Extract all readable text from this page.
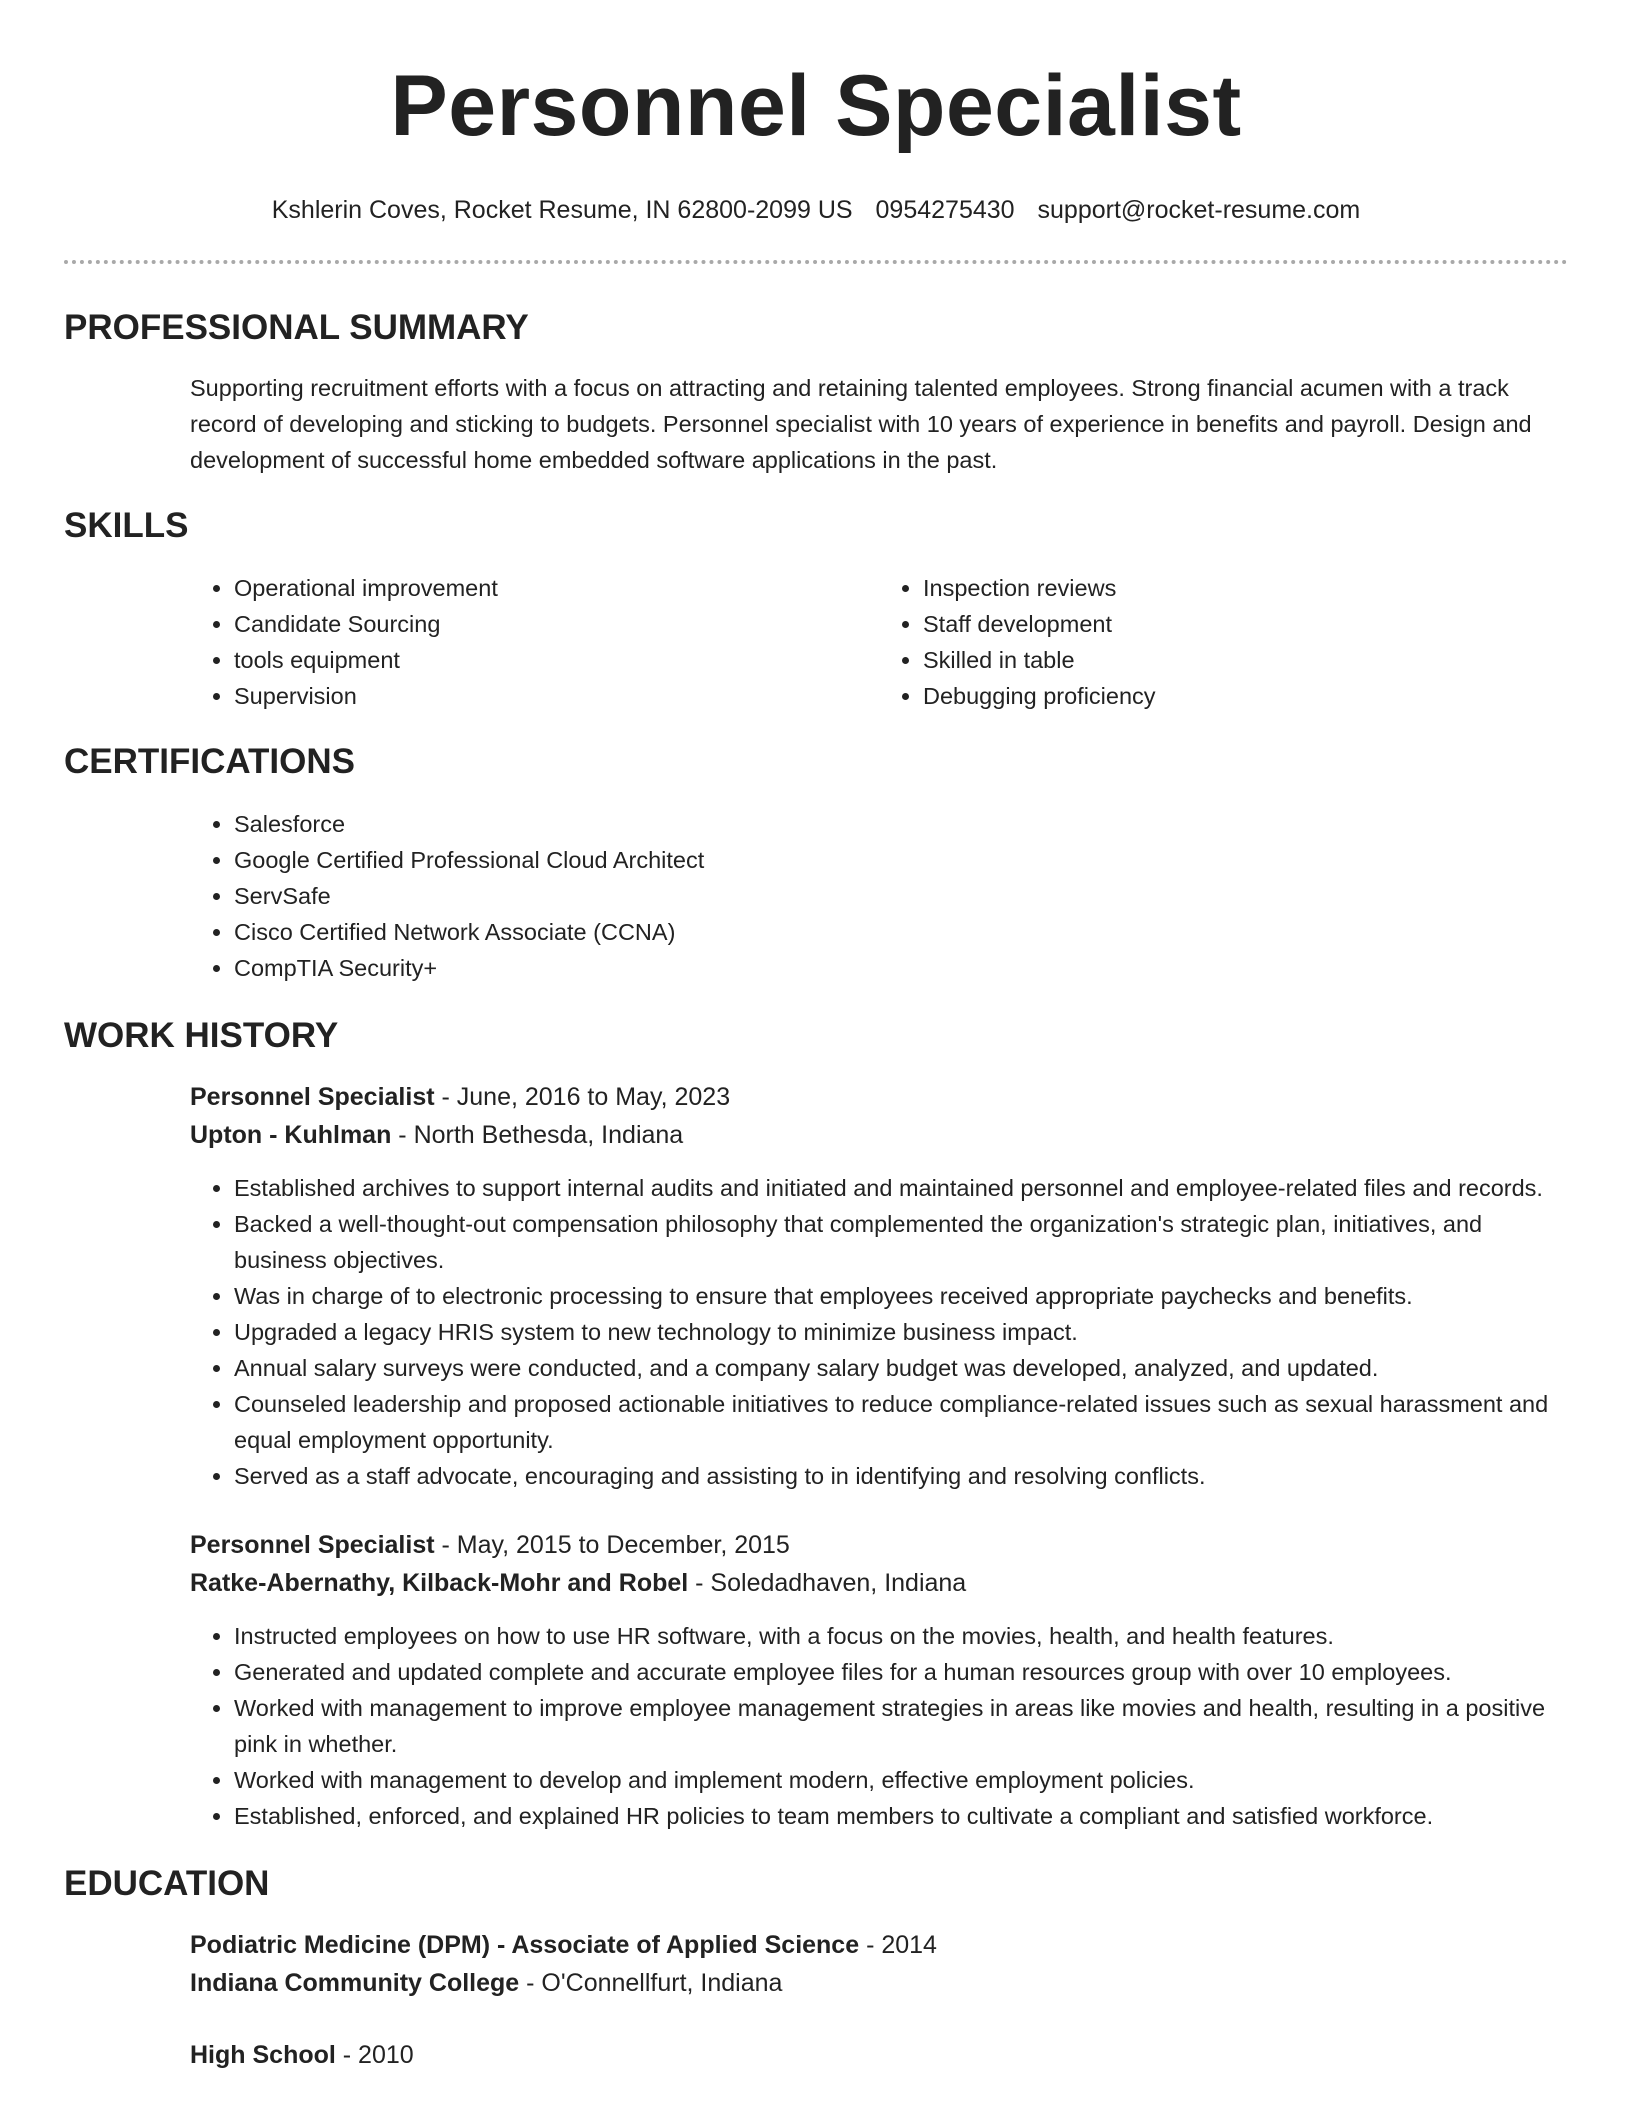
Personnel Specialist
Kshlerin Coves, Rocket Resume, IN 62800-2099 US 0954275430 support@rocket-resume.com
PROFESSIONAL SUMMARY

Supporting recruitment efforts with a focus on attracting and retaining talented employees. Strong financial acumen with a track record of developing and sticking to budgets. Personnel specialist with 10 years of experience in benefits and payroll. Design and development of successful home embedded software applications in the past.

SKILLS
• Operational improvement
• Candidate Sourcing
• tools equipment
• Supervision
• Inspection reviews
• Staff development
• Skilled in table
• Debugging proficiency
CERTIFICATIONS
• Salesforce
• Google Certified Professional Cloud Architect
• ServSafe
• Cisco Certified Network Associate (CCNA)
• CompTIA Security+
WORK HISTORY
Personnel Specialist - June, 2016 to May, 2023
Upton - Kuhlman - North Bethesda, Indiana
• Established archives to support internal audits and initiated and maintained personnel and employee-related files and records.
• Backed a well-thought-out compensation philosophy that complemented the organization's strategic plan, initiatives, and business objectives.
• Was in charge of to electronic processing to ensure that employees received appropriate paychecks and benefits.
• Upgraded a legacy HRIS system to new technology to minimize business impact.
• Annual salary surveys were conducted, and a company salary budget was developed, analyzed, and updated.
• Counseled leadership and proposed actionable initiatives to reduce compliance-related issues such as sexual harassment and equal employment opportunity.
• Served as a staff advocate, encouraging and assisting to in identifying and resolving conflicts.
Personnel Specialist - May, 2015 to December, 2015
Ratke-Abernathy, Kilback-Mohr and Robel - Soledadhaven, Indiana
• Instructed employees on how to use HR software, with a focus on the movies, health, and health features.
• Generated and updated complete and accurate employee files for a human resources group with over 10 employees.
• Worked with management to improve employee management strategies in areas like movies and health, resulting in a positive pink in whether.
• Worked with management to develop and implement modern, effective employment policies.
• Established, enforced, and explained HR policies to team members to cultivate a compliant and satisfied workforce.
EDUCATION
Podiatric Medicine (DPM) - Associate of Applied Science - 2014
Indiana Community College - O'Connellfurt, Indiana
High School - 2010
